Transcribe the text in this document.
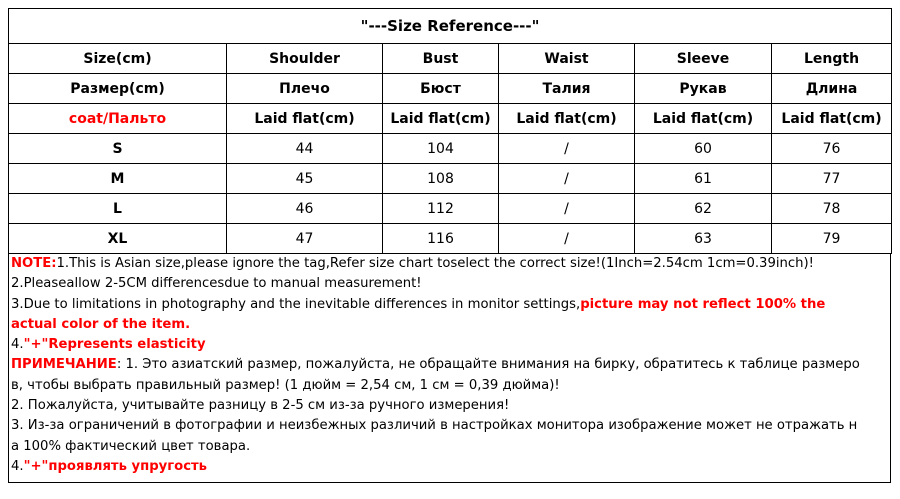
"---Size Reference---"					
Size(cm)	Shoulder	Bust	Waist	Sleeve	Length
Размер(cm)	Плечо	Бюст	Талия	Рукав	Длина
coat/Пальто	Laid flat(cm)	Laid flat(cm)	Laid flat(cm)	Laid flat(cm)	Laid flat(cm)
S	44	104	/	60	76
M	45	108	/	61	77
L	46	112	/	62	78
XL	47	116	/	63	79
NOTE:1.This is Asian size,please ignore the tag,Refer size chart toselect the correct size!(1Inch=2.54cm 1cm=0.39inch)!
2.Pleaseallow 2-5CM differencesdue to manual measurement!
3.Due to limitations in photography and the inevitable differences in monitor settings,picture may not reflect 100% the
actual color of the item.
4."+"Represents elasticity
ПРИМЕЧАНИЕ: 1. Это азиатский размер, пожалуйста, не обращайте внимания на бирку, обратитесь к таблице размеро
в, чтобы выбрать правильный размер! (1 дюйм = 2,54 см, 1 см = 0,39 дюйма)!
2. Пожалуйста, учитывайте разницу в 2-5 см из-за ручного измерения!
3. Из-за ограничений в фотографии и неизбежных различий в настройках монитора изображение может не отражать н
а 100% фактический цвет товара.
4."+"проявлять упругость
